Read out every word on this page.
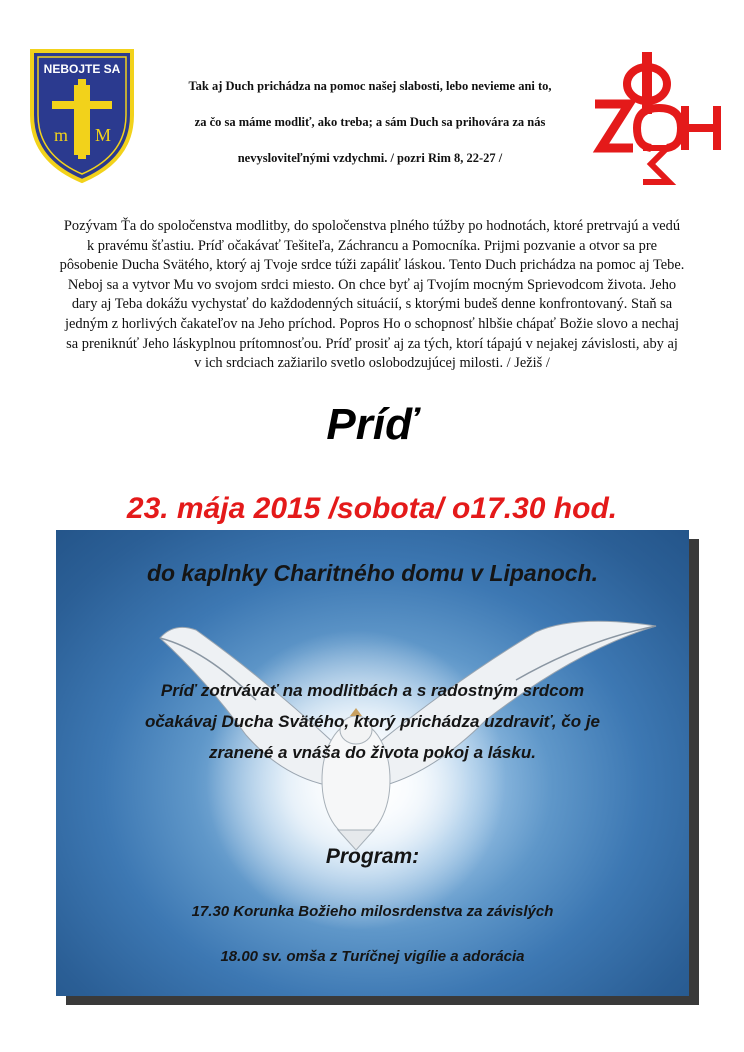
NEBOJTE SA
m M
Tak aj Duch prichádza na pomoc našej slabosti, lebo nevieme ani to,
za čo sa máme modliť, ako treba; a sám Duch sa prihovára za nás
nevysloviteľnými vzdychmi. / pozri Rim 8, 22-27 /
ΦΩΗ
Pozývam Ťa do spoločenstva modlitby, do spoločenstva plného túžby po hodnotách, ktoré pretrvajú a vedú
k pravému šťastiu. Príď očakávať Tešiteľa, Záchrancu a Pomocníka. Prijmi pozvanie a otvor sa pre
pôsobenie Ducha Svätého, ktorý aj Tvoje srdce túži zapáliť láskou. Tento Duch prichádza na pomoc aj Tebe.
Neboj sa a vytvor Mu vo svojom srdci miesto. On chce byť aj Tvojím mocným Sprievodcom života. Jeho
dary aj Teba dokážu vychystať do každodenných situácií, s ktorými budeš denne konfrontovaný. Staň sa
jedným z horlivých čakateľov na Jeho príchod. Popros Ho o schopnosť hlbšie chápať Božie slovo a nechaj
sa preniknúť Jeho láskyplnou prítomnosťou. Príď prosiť aj za tých, ktorí tápajú v nejakej závislosti, aby aj
v ich srdciach zažiarilo svetlo oslobodzujúcej milosti. / Ježiš /
Príď
23. mája 2015 /sobota/ o17.30 hod.
do kaplnky Charitného domu v Lipanoch.
Príď zotrvávať na modlitbách a s radostným srdcom
očakávaj Ducha Svätého, ktorý prichádza uzdraviť, čo je
zranené a vnáša do života pokoj a lásku.
Program:
17.30 Korunka Božieho milosrdenstva za závislých
18.00 sv. omša z Turíčnej vigílie a adorácia
